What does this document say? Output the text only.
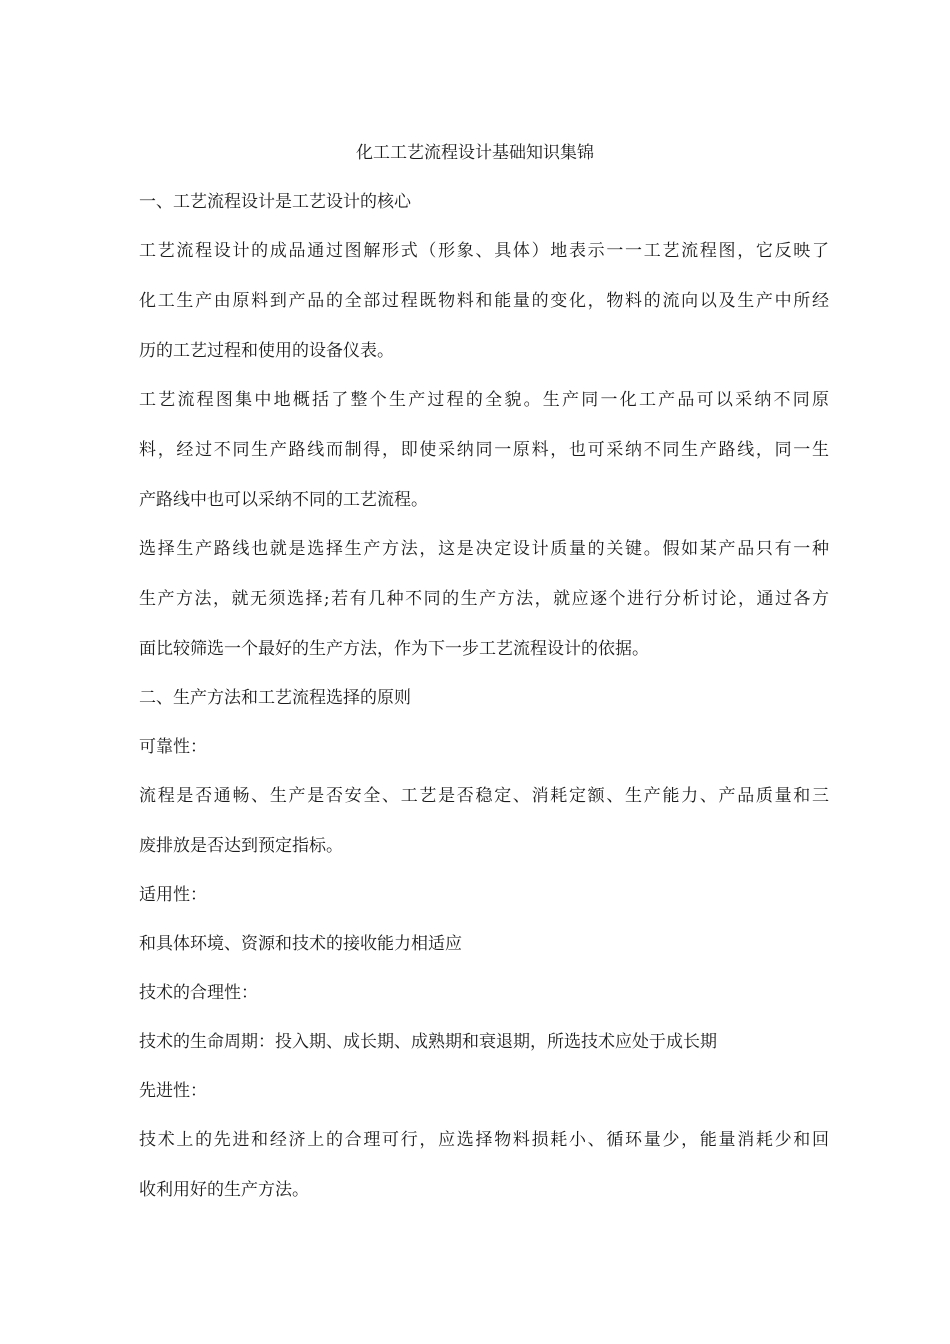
化工工艺流程设计基础知识集锦
一、工艺流程设计是工艺设计的核心
工艺流程设计的成品通过图解形式（形象、具体）地表示一一工艺流程图，它反映了
化工生产由原料到产品的全部过程既物料和能量的变化，物料的流向以及生产中所经
历的工艺过程和使用的设备仪表。
工艺流程图集中地概括了整个生产过程的全貌。生产同一化工产品可以采纳不同原
料，经过不同生产路线而制得，即使采纳同一原料，也可采纳不同生产路线，同一生
产路线中也可以采纳不同的工艺流程。
选择生产路线也就是选择生产方法，这是决定设计质量的关键。假如某产品只有一种
生产方法，就无须选择;若有几种不同的生产方法，就应逐个进行分析讨论，通过各方
面比较筛选一个最好的生产方法，作为下一步工艺流程设计的依据。
二、生产方法和工艺流程选择的原则
可靠性：
流程是否通畅、生产是否安全、工艺是否稳定、消耗定额、生产能力、产品质量和三
废排放是否达到预定指标。
适用性：
和具体环境、资源和技术的接收能力相适应
技术的合理性：
技术的生命周期：投入期、成长期、成熟期和衰退期，所选技术应处于成长期
先进性：
技术上的先进和经济上的合理可行，应选择物料损耗小、循环量少，能量消耗少和回
收利用好的生产方法。
